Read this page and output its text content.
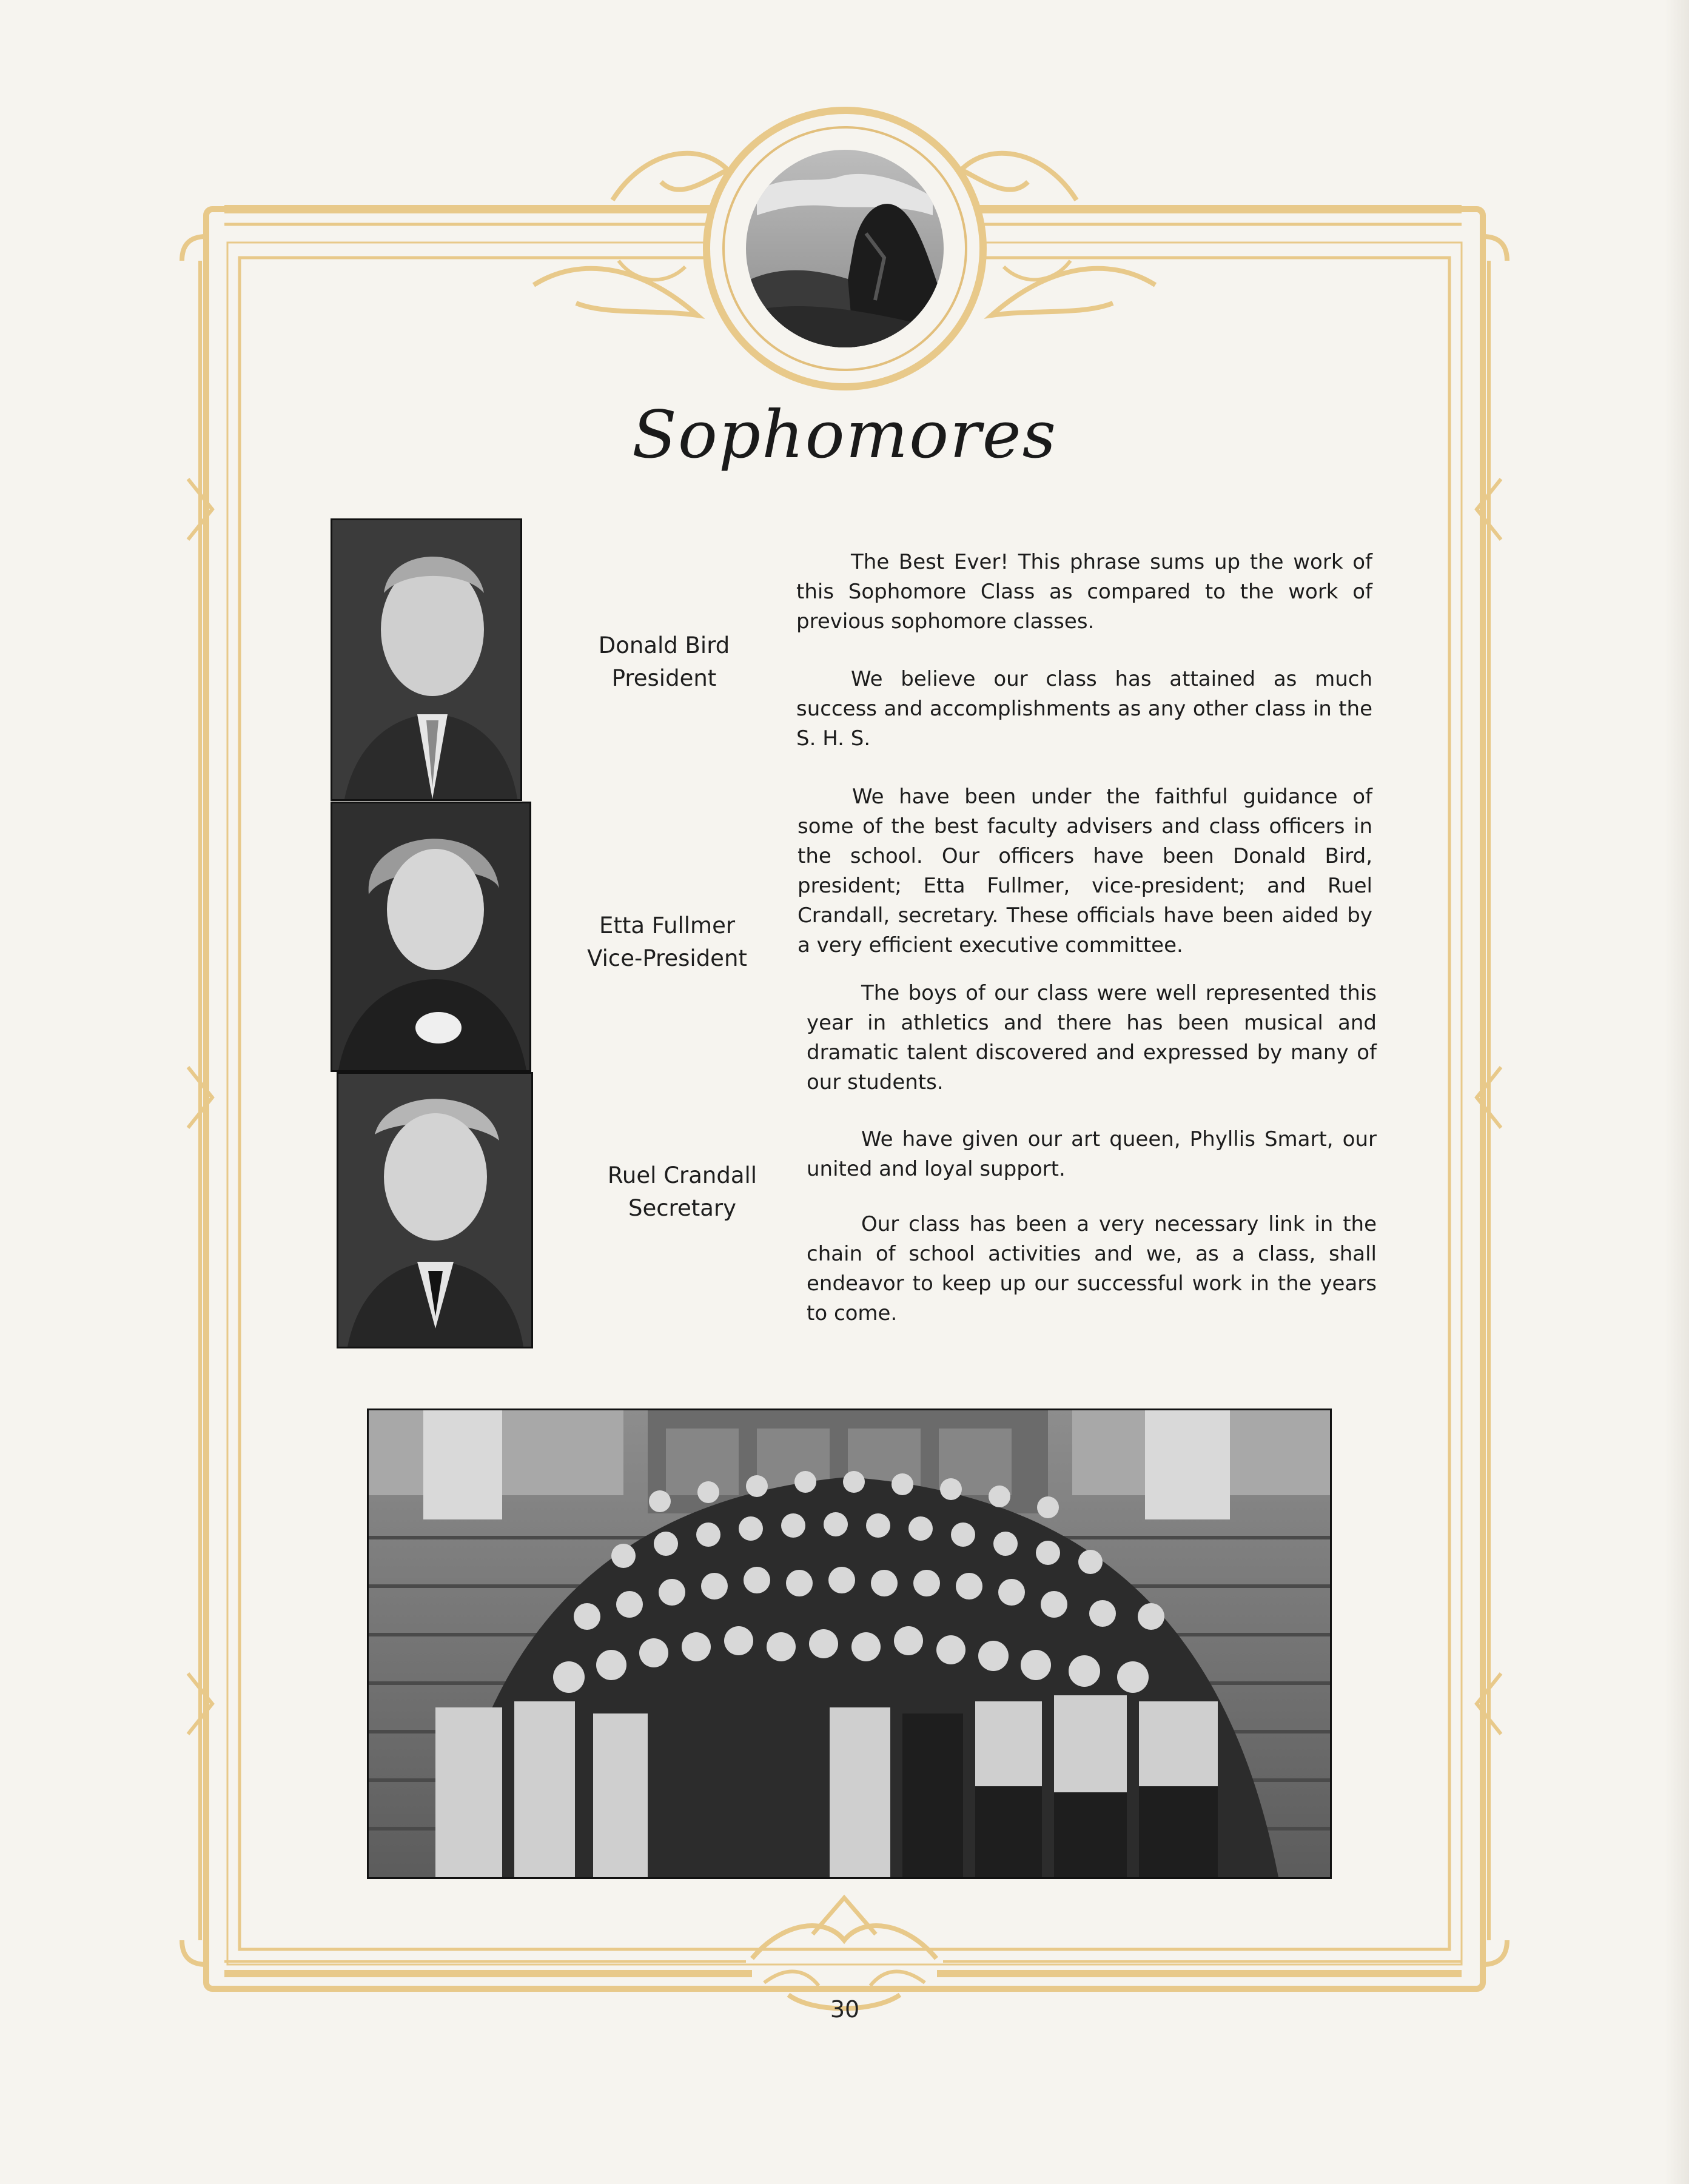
Sophomores
Donald Bird
President
Etta Fullmer
Vice-President
Ruel Crandall
Secretary

The Best Ever! This phrase sums up the work of this Sophomore Class as compared to the work of previous sophomore classes.

We believe our class has attained as much success and accomplishments as any other class in the S. H. S.

We have been under the faithful guidance of some of the best faculty advisers and class officers in the school. Our officers have been Donald Bird, president; Etta Fullmer, vice-president; and Ruel Crandall, secretary. These officials have been aided by a very efficient executive committee.

The boys of our class were well represented this year in athletics and there has been musical and dramatic talent discovered and expressed by many of our students.

We have given our art queen, Phyllis Smart, our united and loyal support.

Our class has been a very necessary link in the chain of school activities and we, as a class, shall endeavor to keep up our successful work in the years to come.

30
